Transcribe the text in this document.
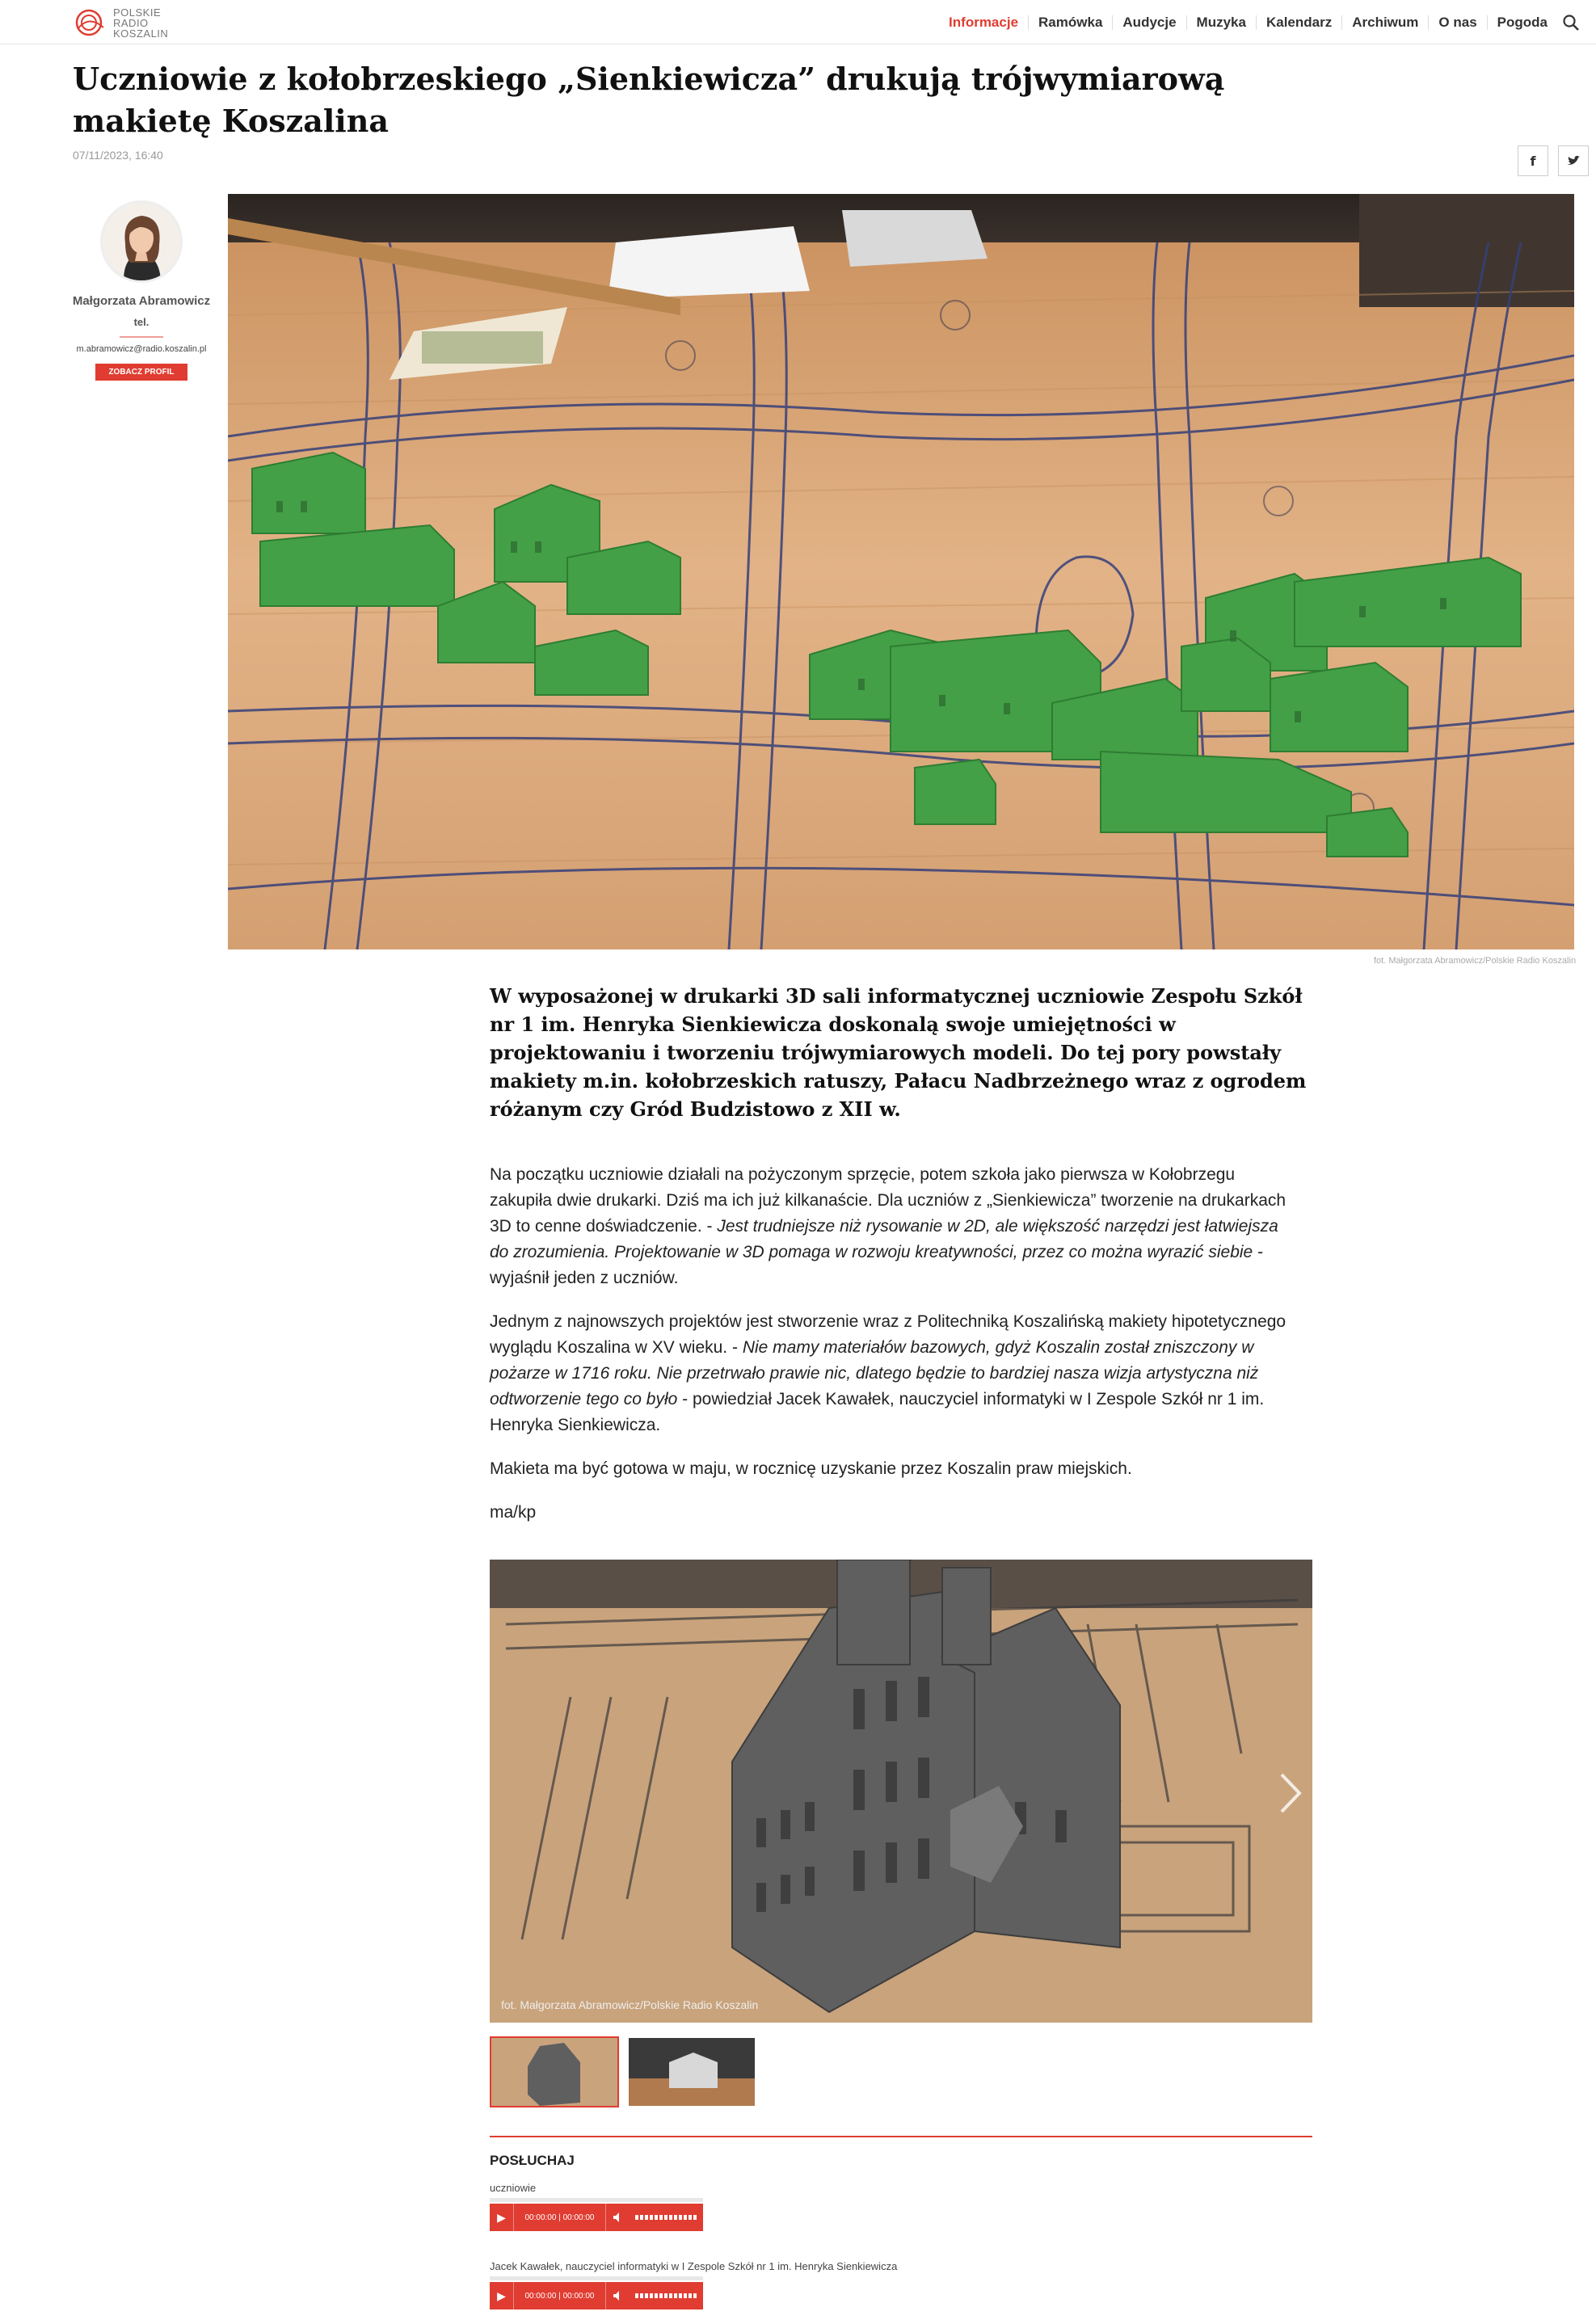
POLSKIE
RADIO
KOSZALIN
Informacje	Ramówka	Audycje	Muzyka	Kalendarz	Archiwum	O nas	Pogoda
Uczniowie z kołobrzeskiego „Sienkiewicza” drukują trójwymiarową makietę Koszalina
07/11/2023, 16:40	f
Małgorzata Abramowicz
tel.
m.abramowicz@radio.koszalin.pl
ZOBACZ PROFIL
fot. Małgorzata Abramowicz/Polskie Radio Koszalin

W wyposażonej w drukarki 3D sali informatycznej uczniowie Zespołu Szkół nr 1 im. Henryka Sienkiewicza doskonalą swoje umiejętności w projektowaniu i tworzeniu trójwymiarowych modeli. Do tej pory powstały makiety m.in. kołobrzeskich ratuszy, Pałacu Nadbrzeżnego wraz z ogrodem różanym czy Gród Budzistowo z XII w.

Na początku uczniowie działali na pożyczonym sprzęcie, potem szkoła jako pierwsza w Kołobrzegu zakupiła dwie drukarki. Dziś ma ich już kilkanaście. Dla uczniów z „Sienkiewicza” tworzenie na drukarkach 3D to cenne doświadczenie. - Jest trudniejsze niż rysowanie w 2D, ale większość narzędzi jest łatwiejsza do zrozumienia. Projektowanie w 3D pomaga w rozwoju kreatywności, przez co można wyrazić siebie - wyjaśnił jeden z uczniów.

Jednym z najnowszych projektów jest stworzenie wraz z Politechniką Koszalińską makiety hipotetycznego wyglądu Koszalina w XV wieku. - Nie mamy materiałów bazowych, gdyż Koszalin został zniszczony w pożarze w 1716 roku. Nie przetrwało prawie nic, dlatego będzie to bardziej nasza wizja artystyczna niż odtworzenie tego co było - powiedział Jacek Kawałek, nauczyciel informatyki w I Zespole Szkół nr 1 im. Henryka Sienkiewicza.

Makieta ma być gotowa w maju, w rocznicę uzyskanie przez Koszalin praw miejskich.

ma/kp

fot. Małgorzata Abramowicz/Polskie Radio Koszalin
POSŁUCHAJ
uczniowie
▶	00:00:00 | 00:00:00
Jacek Kawałek, nauczyciel informatyki w I Zespole Szkół nr 1 im. Henryka Sienkiewicza
▶	00:00:00 | 00:00:00
